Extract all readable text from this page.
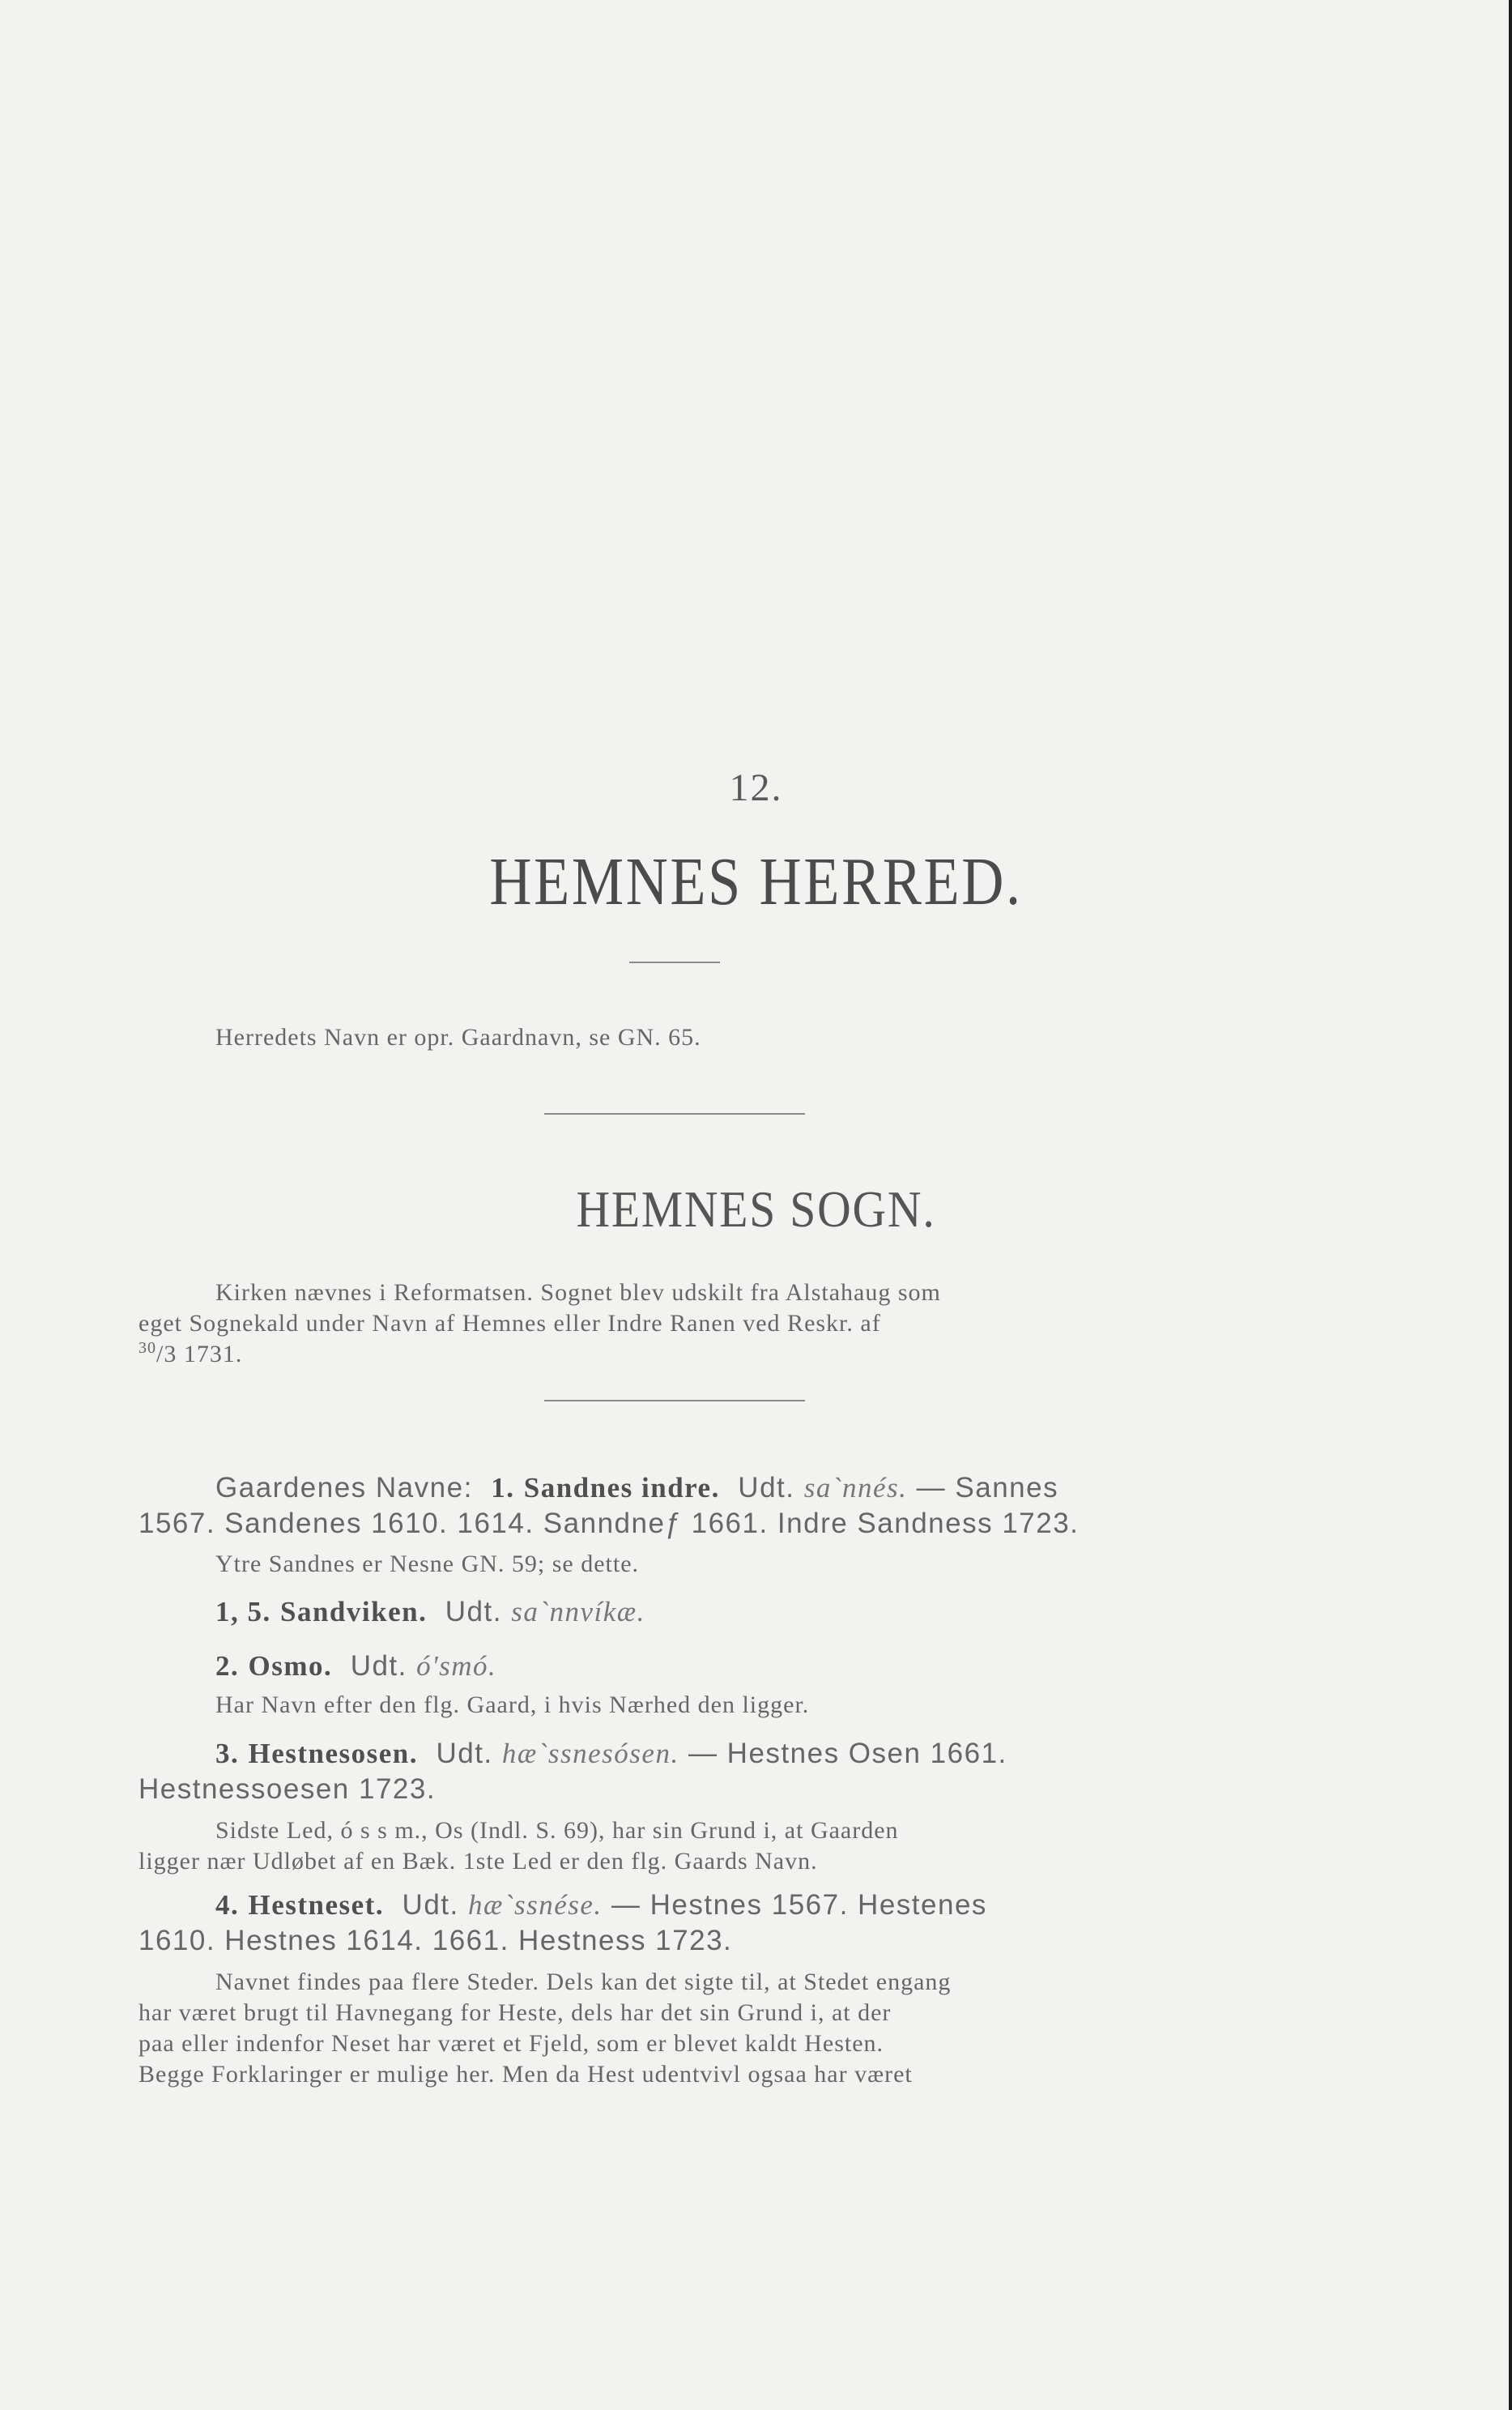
12.
HEMNES HERRED.
Herredets Navn er opr. Gaardnavn, se GN. 65.
HEMNES SOGN.
Kirken nævnes i Reformatsen. Sognet blev udskilt fra Alstahaug som
eget Sognekald under Navn af Hemnes eller Indre Ranen ved Reskr. af
$^{30}$/3 1731.
Gaardenes Navne: 1. Sandnes indre. Udt. sa`nnés. — Sannes
1567. Sandenes 1610. 1614. Sanndneƒ 1661. Indre Sandness 1723.
Ytre Sandnes er Nesne GN. 59; se dette.
1, 5. Sandviken. Udt. sa`nnvíkæ.
2. Osmo. Udt. ó'smó.
Har Navn efter den flg. Gaard, i hvis Nærhed den ligger.
3. Hestnesosen. Udt. hæ`ssnesósen. — Hestnes Osen 1661.
Hestnessoesen 1723.
Sidste Led, ó s s m., Os (Indl. S. 69), har sin Grund i, at Gaarden
ligger nær Udløbet af en Bæk. 1ste Led er den flg. Gaards Navn.
4. Hestneset. Udt. hæ`ssnése. — Hestnes 1567. Hestenes
1610. Hestnes 1614. 1661. Hestness 1723.
Navnet findes paa flere Steder. Dels kan det sigte til, at Stedet engang
har været brugt til Havnegang for Heste, dels har det sin Grund i, at der
paa eller indenfor Neset har været et Fjeld, som er blevet kaldt Hesten.
Begge Forklaringer er mulige her. Men da Hest udentvivl ogsaa har været
